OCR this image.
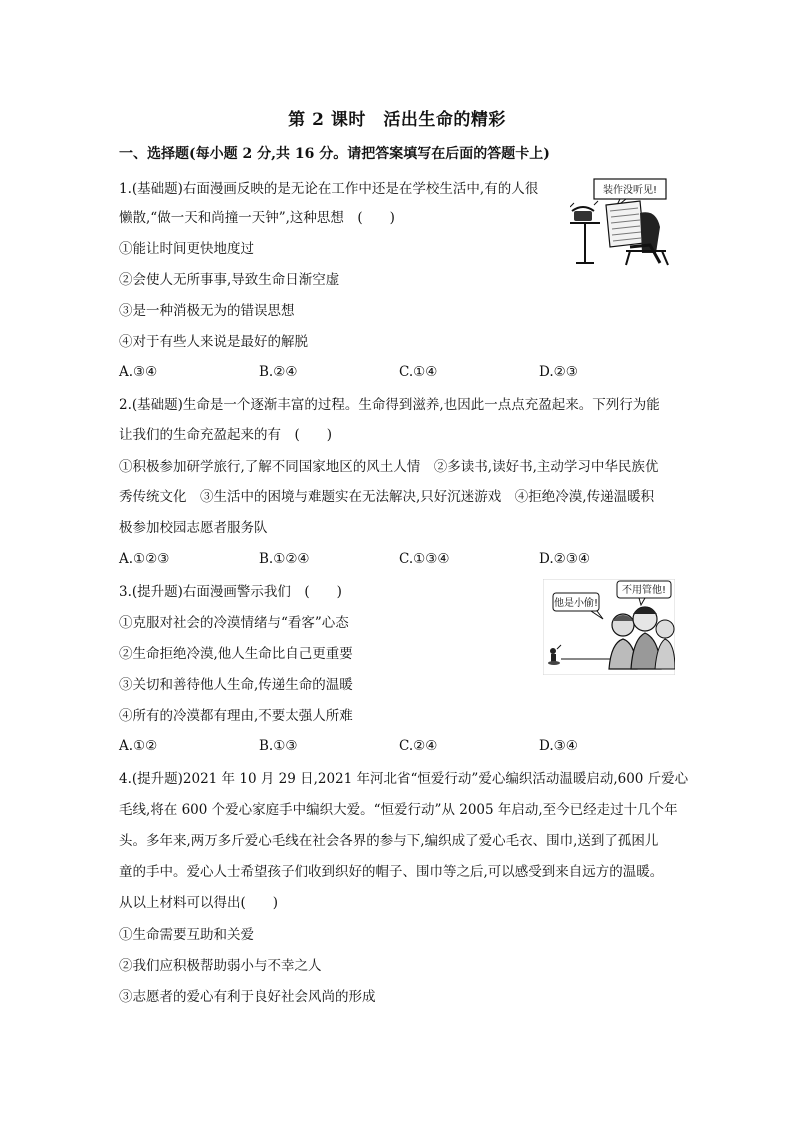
第 2 课时　活出生命的精彩
一、选择题(每小题 2 分,共 16 分。请把答案填写在后面的答题卡上)
1.(基础题)右面漫画反映的是无论在工作中还是在学校生活中,有的人很
懒散,“做一天和尚撞一天钟”,这种思想　(　　)
①能让时间更快地度过
②会使人无所事事,导致生命日渐空虚
③是一种消极无为的错误思想
④对于有些人来说是最好的解脱
A.③④	B.②④	C.①④	D.②③
装作没听见!
2.(基础题)生命是一个逐渐丰富的过程。生命得到滋养,也因此一点点充盈起来。下列行为能
让我们的生命充盈起来的有　(　　)
①积极参加研学旅行,了解不同国家地区的风土人情　②多读书,读好书,主动学习中华民族优
秀传统文化　③生活中的困境与难题实在无法解决,只好沉迷游戏　④拒绝冷漠,传递温暖积
极参加校园志愿者服务队
A.①②③	B.①②④	C.①③④	D.②③④
3.(提升题)右面漫画警示我们　(　　)
①克服对社会的冷漠情绪与“看客”心态
②生命拒绝冷漠,他人生命比自己更重要
③关切和善待他人生命,传递生命的温暖
④所有的冷漠都有理由,不要太强人所难
A.①②	B.①③	C.②④	D.③④
他是小偷!
不用管他!
4.(提升题)2021 年 10 月 29 日,2021 年河北省“恒爱行动”爱心编织活动温暖启动,600 斤爱心
毛线,将在 600 个爱心家庭手中编织大爱。“恒爱行动”从 2005 年启动,至今已经走过十几个年
头。多年来,两万多斤爱心毛线在社会各界的参与下,编织成了爱心毛衣、围巾,送到了孤困儿
童的手中。爱心人士希望孩子们收到织好的帽子、围巾等之后,可以感受到来自远方的温暖。
从以上材料可以得出(　　)
①生命需要互助和关爱
②我们应积极帮助弱小与不幸之人
③志愿者的爱心有利于良好社会风尚的形成
